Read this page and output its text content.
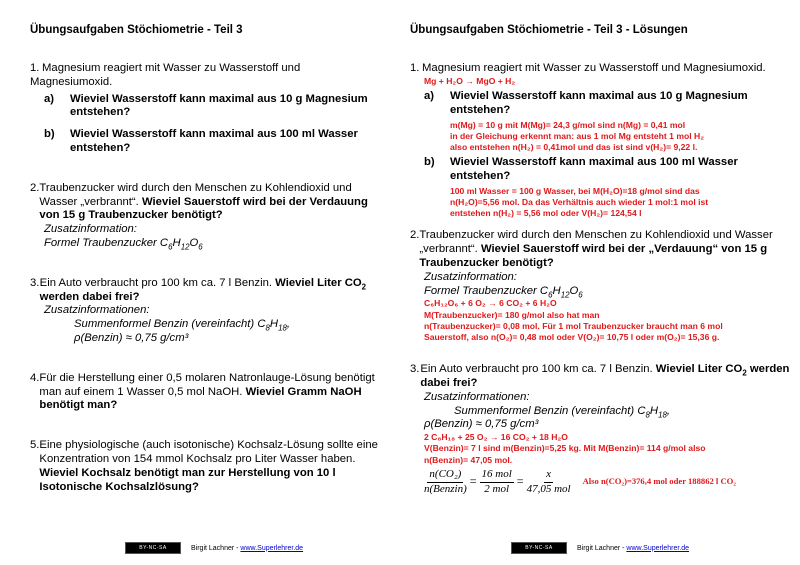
Übungsaufgaben Stöchiometrie - Teil 3
1. Magnesium reagiert mit Wasser zu Wasserstoff und Magnesiumoxid.
a)	Wieviel Wasserstoff kann maximal aus 10 g Magnesium entstehen?
b)	Wieviel Wasserstoff kann maximal aus 100 ml Wasser entstehen?
2. Traubenzucker wird durch den Menschen zu Kohlendioxid und Wasser „verbrannt“. Wieviel Sauerstoff wird bei der Verdauung von 15 g Traubenzucker benötigt?
Zusatzinformation:
Formel Traubenzucker $C_6H_{12}O_6$
3. Ein Auto verbraucht pro 100 km ca. 7 l Benzin. Wieviel Liter $CO_2$ werden dabei frei?
Zusatzinformationen:
Summenformel Benzin (vereinfacht) $C_8H_{18}$,
ρ(Benzin) ≈ 0,75 g/cm³
4. Für die Herstellung einer 0,5 molaren Natronlauge-Lösung benötigt man auf einem 1 Wasser 0,5 mol NaOH. Wieviel Gramm NaOH benötigt man?
5. Eine physiologische (auch isotonische) Kochsalz-Lösung sollte eine Konzentration von 154 mmol Kochsalz pro Liter Wasser haben. Wieviel Kochsalz benötigt man zur Herstellung von 10 l Isotonische Kochsalzlösung?
BY-NC-SA	Birgit Lachner -
www.Superlehrer.de
Übungsaufgaben Stöchiometrie - Teil 3 - Lösungen
1. Magnesium reagiert mit Wasser zu Wasserstoff und Magnesiumoxid.
Mg + H₂O → MgO + H₂
a)	Wieviel Wasserstoff kann maximal aus 10 g Magnesium entstehen?
m(Mg) = 10 g mit M(Mg)= 24,3 g/mol sind n(Mg) = 0,41 mol
in der Gleichung erkennt man: aus 1 mol Mg entsteht 1 mol H₂
also entstehen n(H₂) = 0,41mol und das ist sind v(H₂)= 9,22 l.
b)	Wieviel Wasserstoff kann maximal aus 100 ml Wasser entstehen?
100 ml Wasser = 100 g Wasser, bei M(H₂O)=18 g/mol sind das
n(H₂O)=5,56 mol. Da das Verhältnis auch wieder 1 mol:1 mol ist
entstehen n(H₂) = 5,56 mol oder V(H₂)= 124,54 l
2. Traubenzucker wird durch den Menschen zu Kohlendioxid und Wasser „verbrannt“. Wieviel Sauerstoff wird bei der „Verdauung“ von 15 g Traubenzucker benötigt?
Zusatzinformation:
Formel Traubenzucker $C_6H_{12}O_6$
C₆H₁₂O₆ + 6 O₂ → 6 CO₂ + 6 H₂O
M(Traubenzucker)= 180 g/mol also hat man
n(Traubenzucker)= 0,08 mol. Für 1 mol Traubenzucker braucht man 6 mol
Sauerstoff, also n(O₂)= 0,48 mol oder V(O₂)= 10,75 l oder m(O₂)= 15,36 g.
3. Ein Auto verbraucht pro 100 km ca. 7 l Benzin. Wieviel Liter $CO_2$ werden dabei frei?
Zusatzinformationen:
Summenformel Benzin (vereinfacht) $C_8H_{18}$,
ρ(Benzin) ≈ 0,75 g/cm³
2 C₈H₁₈ + 25 O₂ → 16 CO₂ + 18 H₂O
V(Benzin)= 7 l sind m(Benzin)=5,25 kg. Mit M(Benzin)= 114 g/mol also
n(Benzin)= 47,05 mol.
$\frac{\text{n(CO₂)}}{\text{n(Benzin)}} = \frac{\text{16 mol}}{\text{2 mol}} = \frac{x}{\text{47,05 mol}}$ Also n(CO₂)=376,4 mol oder 188862 l CO₂
BY-NC-SA	Birgit Lachner -
www.Superlehrer.de
